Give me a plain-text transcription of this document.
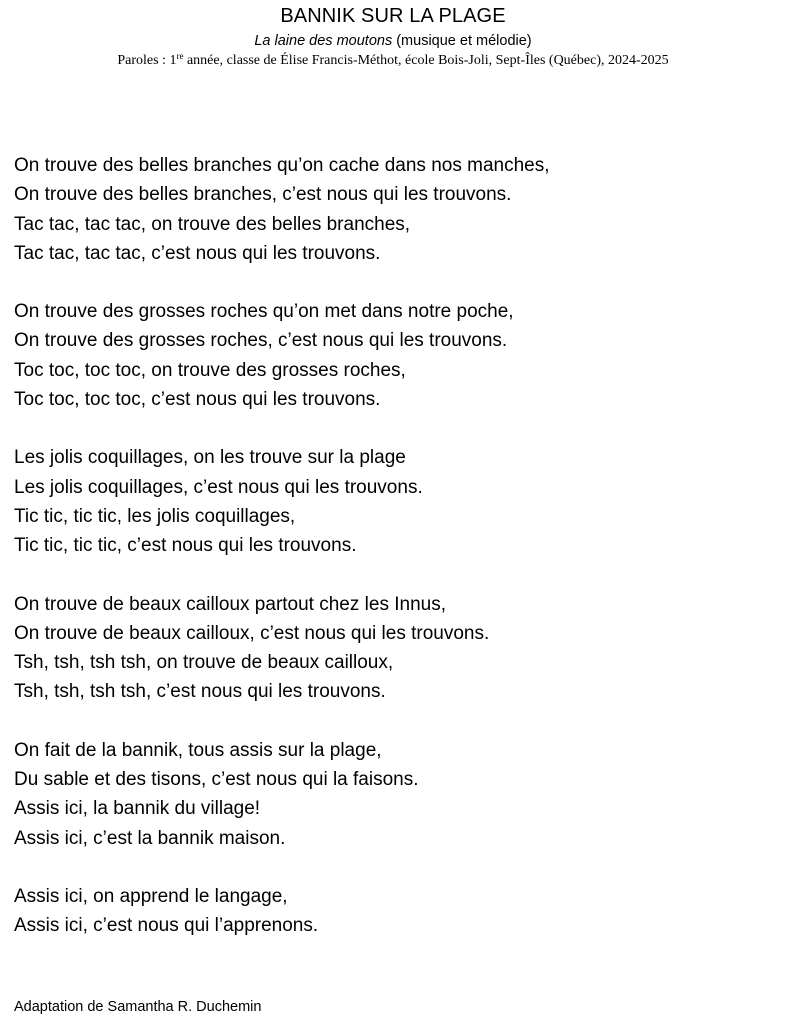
BANNIK SUR LA PLAGE
La laine des moutons (musique et mélodie)
Paroles : 1re année, classe de Élise Francis-Méthot, école Bois-Joli, Sept-Îles (Québec), 2024-2025
On trouve des belles branches qu’on cache dans nos manches,
On trouve des belles branches, c’est nous qui les trouvons.
Tac tac, tac tac, on trouve des belles branches,
Tac tac, tac tac, c’est nous qui les trouvons.
On trouve des grosses roches qu’on met dans notre poche,
On trouve des grosses roches, c’est nous qui les trouvons.
Toc toc, toc toc, on trouve des grosses roches,
Toc toc, toc toc, c’est nous qui les trouvons.
Les jolis coquillages, on les trouve sur la plage
Les jolis coquillages, c’est nous qui les trouvons.
Tic tic, tic tic, les jolis coquillages,
Tic tic, tic tic, c’est nous qui les trouvons.
On trouve de beaux cailloux partout chez les Innus,
On trouve de beaux cailloux, c’est nous qui les trouvons.
Tsh, tsh, tsh tsh, on trouve de beaux cailloux,
Tsh, tsh, tsh tsh, c’est nous qui les trouvons.
On fait de la bannik, tous assis sur la plage,
Du sable et des tisons, c’est nous qui la faisons.
Assis ici, la bannik du village!
Assis ici, c’est la bannik maison.
Assis ici, on apprend le langage,
Assis ici, c’est nous qui l’apprenons.
Adaptation de Samantha R. Duchemin
